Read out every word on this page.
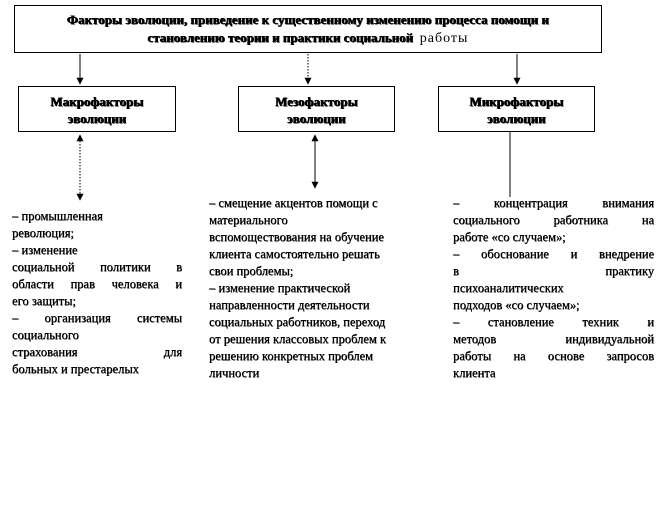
Факторы эволюции, приведение к существенному изменению процесса помощи и
становлению теории и практики социальной работы
Макрофакторы
эволюции
Мезофакторы
эволюции
Микрофакторы
эволюции

– промышленная

революция;

– изменение

социальной политики в

области прав человека и

его защиты;

– организация системы

социального

страхования для

больных и престарелых

– смещение акцентов помощи с

материального

вспомоществования на обучение

клиента самостоятельно решать

свои проблемы;

– изменение практической

направленности деятельности

социальных работников, переход

от решения классовых проблем к

решению конкретных проблем

личности

– концентрация внимания

социального работника на

работе «со случаем»;

– обоснование и внедрение

в практику

психоаналитических

подходов «со случаем»;

– становление техник и

методов индивидуальной

работы на основе запросов

клиента
